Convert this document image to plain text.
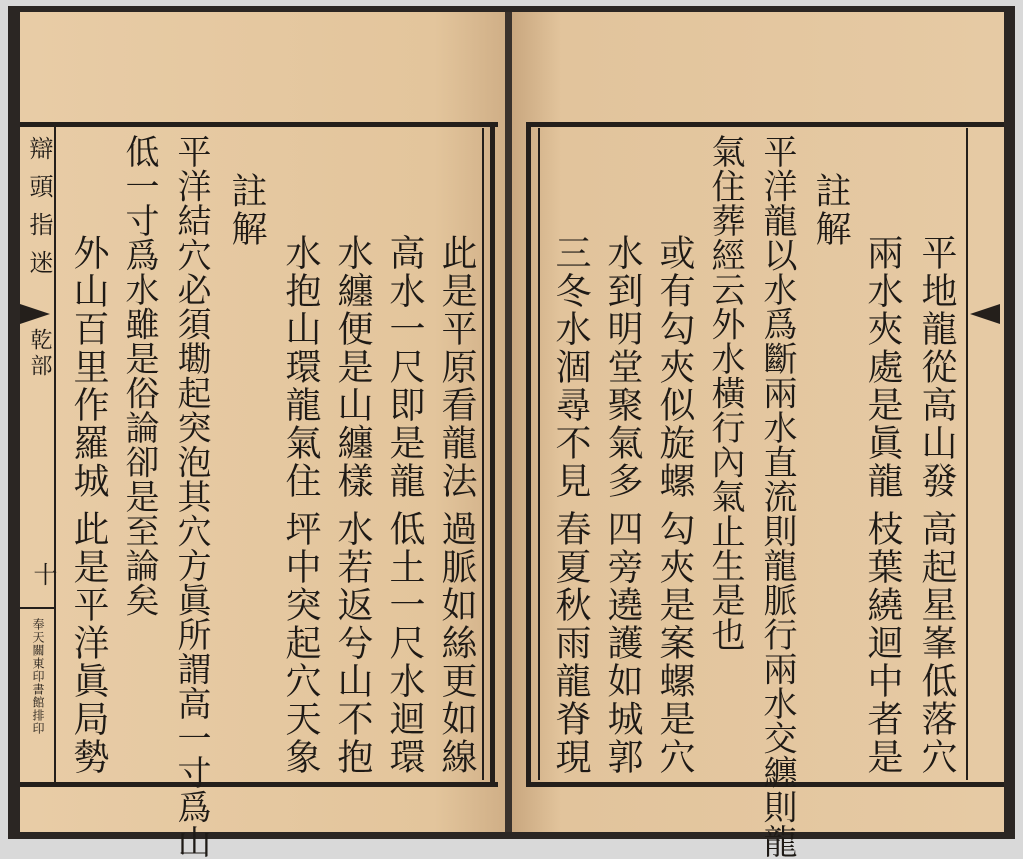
辯頭指迷
乾部
十
奉天關東印書館排印
此是平原看龍法
過脈如絲更如線
高水一尺即是龍
低土一尺水迴環
水纏便是山纏樣
水若返兮山不抱
水抱山環龍氣住
坪中突起穴天象
註解
平洋結穴必須墈起突泡其穴方眞所謂高一寸爲山
低一寸爲水雖是俗論卻是至論矣
外山百里作羅城
此是平洋眞局勢
平地龍從高山發
高起星峯低落穴
兩水夾處是眞龍
枝葉繞迴中者是
註解
平洋龍以水爲斷兩水直流則龍脈行兩水交纏則龍
氣住葬經云外水橫行內氣止生是也
或有勾夾似旋螺
勾夾是案螺是穴
水到明堂聚氣多
四旁遶護如城郭
三冬水涸尋不見
春夏秋雨龍脊現
